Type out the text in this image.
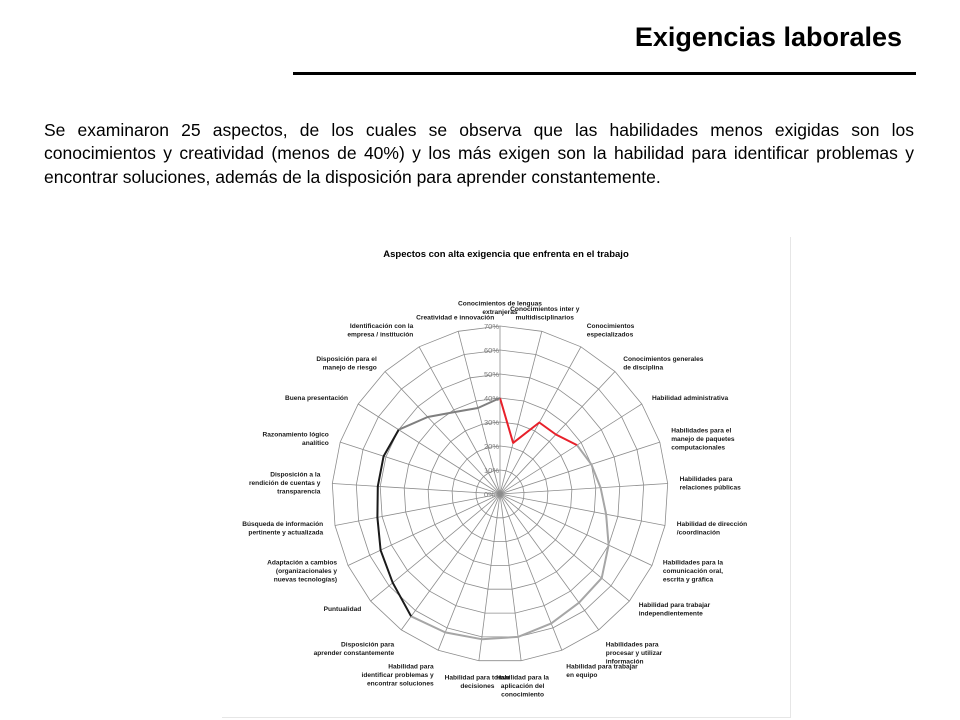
Exigencias laborales

Se examinaron 25 aspectos, de los cuales se observa que las habilidades menos exigidas son los conocimientos y creatividad (menos de 40%) y los más exigen son la habilidad para identificar problemas y encontrar soluciones, además de la disposición para aprender constantemente.

Aspectos con alta exigencia que enfrenta en el trabajo
0%
10%
20%
30%
40%
50%
60%
70%
Conocimientos de lenguas extranjeras
Conocimientos inter y multidisciplinarios
Conocimientos especializados
Conocimientos generales de disciplina
Habilidad administrativa
Habilidades para el manejo de paquetes computacionales
Habilidades para relaciones públicas
Habilidad de dirección /coordinación
Habilidades para la comunicación oral, escrita y gráfica
Habilidad para trabajar independientemente
Habilidades para procesar y utilizar información
Habilidad para trabajar en equipo
Habilidad para la aplicación del conocimiento
Habilidad para tomar decisiones
Habilidad para identificar problemas y encontrar soluciones
Disposición para aprender constantemente
Puntualidad
Adaptación a cambios (organizacionales y nuevas tecnologías)
Búsqueda de información pertinente y actualizada
Disposición a la rendición de cuentas y transparencia
Razonamiento lógico analítico
Buena presentación
Disposición para el manejo de riesgo
Identificación con la empresa / institución
Creatividad e innovación
